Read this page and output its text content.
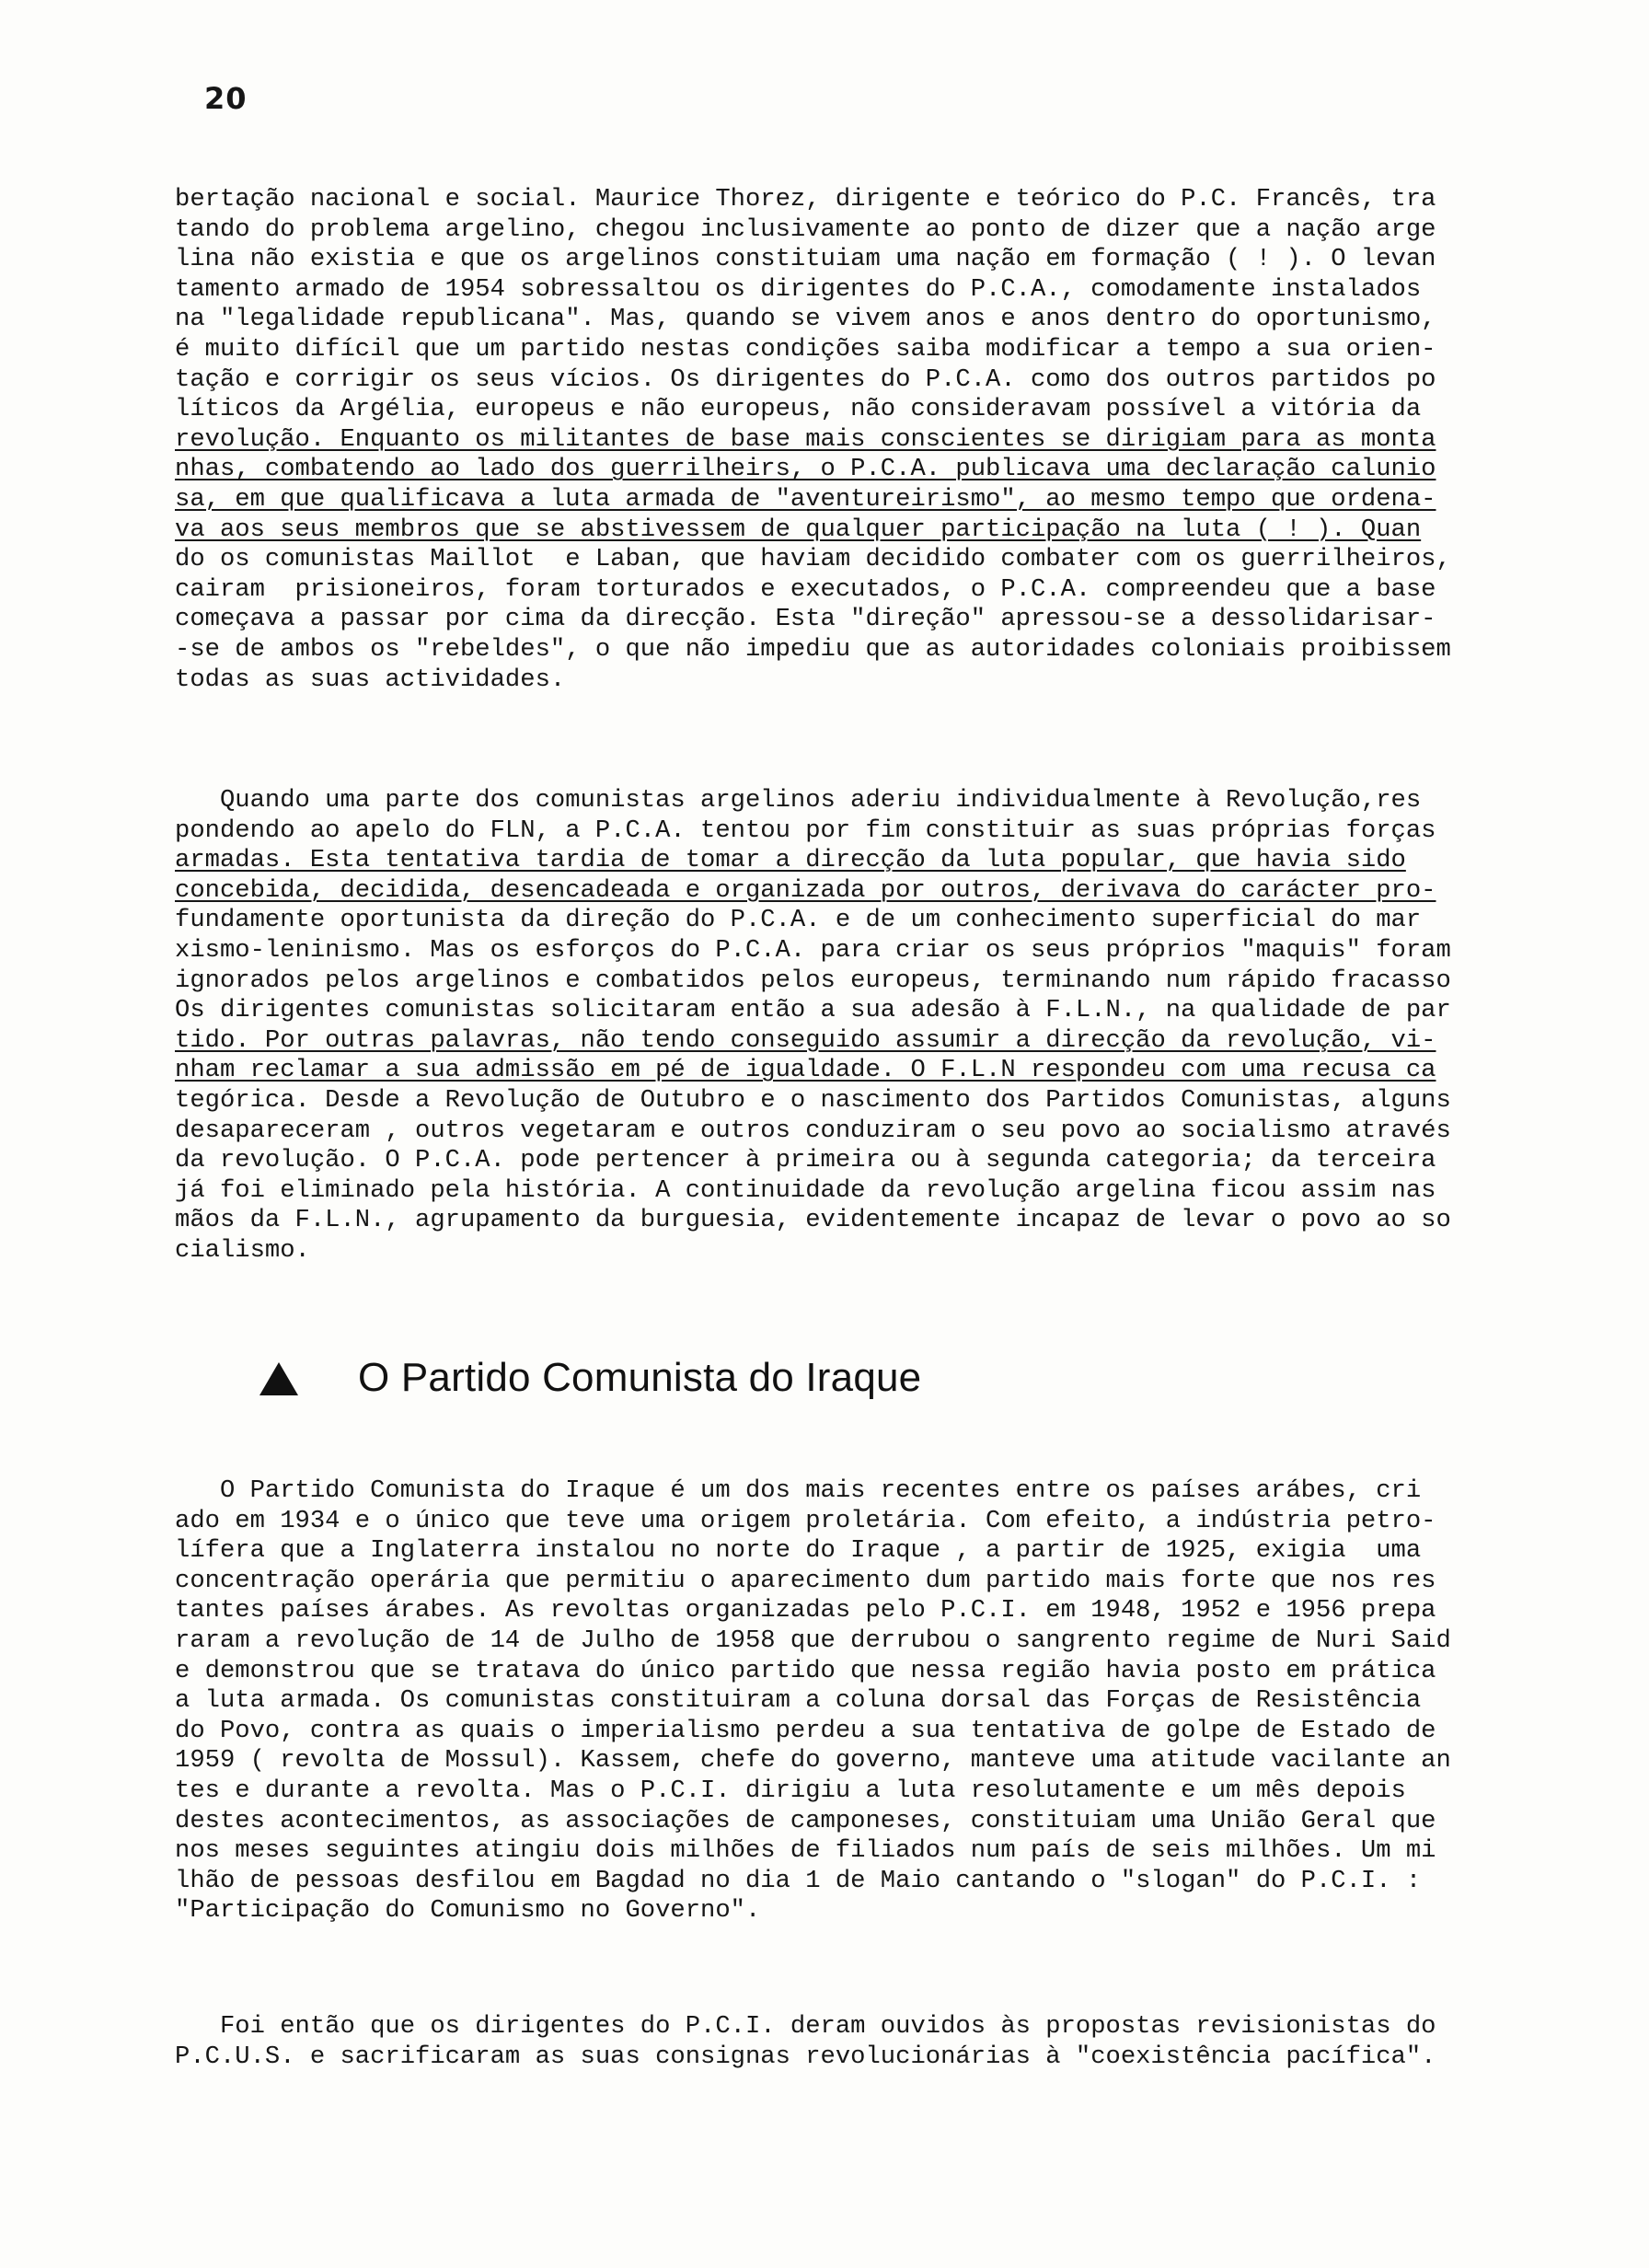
20
bertação nacional e social. Maurice Thorez, dirigente e teórico do P.C. Francês, tra
tando do problema argelino, chegou inclusivamente ao ponto de dizer que a nação arge
lina não existia e que os argelinos constituiam uma nação em formação ( ! ). O levan
tamento armado de 1954 sobressaltou os dirigentes do P.C.A., comodamente instalados
na "legalidade republicana". Mas, quando se vivem anos e anos dentro do oportunismo,
é muito difícil que um partido nestas condições saiba modificar a tempo a sua orien-
tação e corrigir os seus vícios. Os dirigentes do P.C.A. como dos outros partidos po
líticos da Argélia, europeus e não europeus, não consideravam possível a vitória da
revolução. Enquanto os militantes de base mais conscientes se dirigiam para as monta
nhas, combatendo ao lado dos guerrilheirs, o P.C.A. publicava uma declaração calunio
sa, em que qualificava a luta armada de "aventureirismo", ao mesmo tempo que ordena-
va aos seus membros que se abstivessem de qualquer participação na luta ( ! ). Quan
do os comunistas Maillot  e Laban, que haviam decidido combater com os guerrilheiros,
cairam  prisioneiros, foram torturados e executados, o P.C.A. compreendeu que a base
começava a passar por cima da direcção. Esta "direção" apressou-se a dessolidarisar-
-se de ambos os "rebeldes", o que não impediu que as autoridades coloniais proibissem
todas as suas actividades.
Quando uma parte dos comunistas argelinos aderiu individualmente à Revolução,res
pondendo ao apelo do FLN, a P.C.A. tentou por fim constituir as suas próprias forças
armadas. Esta tentativa tardia de tomar a direcção da luta popular, que havia sido
concebida, decidida, desencadeada e organizada por outros, derivava do carácter pro-
fundamente oportunista da direção do P.C.A. e de um conhecimento superficial do mar
xismo-leninismo. Mas os esforços do P.C.A. para criar os seus próprios "maquis" foram
ignorados pelos argelinos e combatidos pelos europeus, terminando num rápido fracasso
Os dirigentes comunistas solicitaram então a sua adesão à F.L.N., na qualidade de par
tido. Por outras palavras, não tendo conseguido assumir a direcção da revolução, vi-
nham reclamar a sua admissão em pé de igualdade. O F.L.N respondeu com uma recusa ca
tegórica. Desde a Revolução de Outubro e o nascimento dos Partidos Comunistas, alguns
desapareceram , outros vegetaram e outros conduziram o seu povo ao socialismo através
da revolução. O P.C.A. pode pertencer à primeira ou à segunda categoria; da terceira
já foi eliminado pela história. A continuidade da revolução argelina ficou assim nas
mãos da F.L.N., agrupamento da burguesia, evidentemente incapaz de levar o povo ao so
cialismo.
O Partido Comunista do Iraque
O Partido Comunista do Iraque é um dos mais recentes entre os países arábes, cri
ado em 1934 e o único que teve uma origem proletária. Com efeito, a indústria petro-
lífera que a Inglaterra instalou no norte do Iraque , a partir de 1925, exigia  uma
concentração operária que permitiu o aparecimento dum partido mais forte que nos res
tantes países árabes. As revoltas organizadas pelo P.C.I. em 1948, 1952 e 1956 prepa
raram a revolução de 14 de Julho de 1958 que derrubou o sangrento regime de Nuri Said
e demonstrou que se tratava do único partido que nessa região havia posto em prática
a luta armada. Os comunistas constituiram a coluna dorsal das Forças de Resistência
do Povo, contra as quais o imperialismo perdeu a sua tentativa de golpe de Estado de
1959 ( revolta de Mossul). Kassem, chefe do governo, manteve uma atitude vacilante an
tes e durante a revolta. Mas o P.C.I. dirigiu a luta resolutamente e um mês depois
destes acontecimentos, as associações de camponeses, constituiam uma União Geral que
nos meses seguintes atingiu dois milhões de filiados num país de seis milhões. Um mi
lhão de pessoas desfilou em Bagdad no dia 1 de Maio cantando o "slogan" do P.C.I. :
"Participação do Comunismo no Governo".
Foi então que os dirigentes do P.C.I. deram ouvidos às propostas revisionistas do
P.C.U.S. e sacrificaram as suas consignas revolucionárias à "coexistência pacífica".
